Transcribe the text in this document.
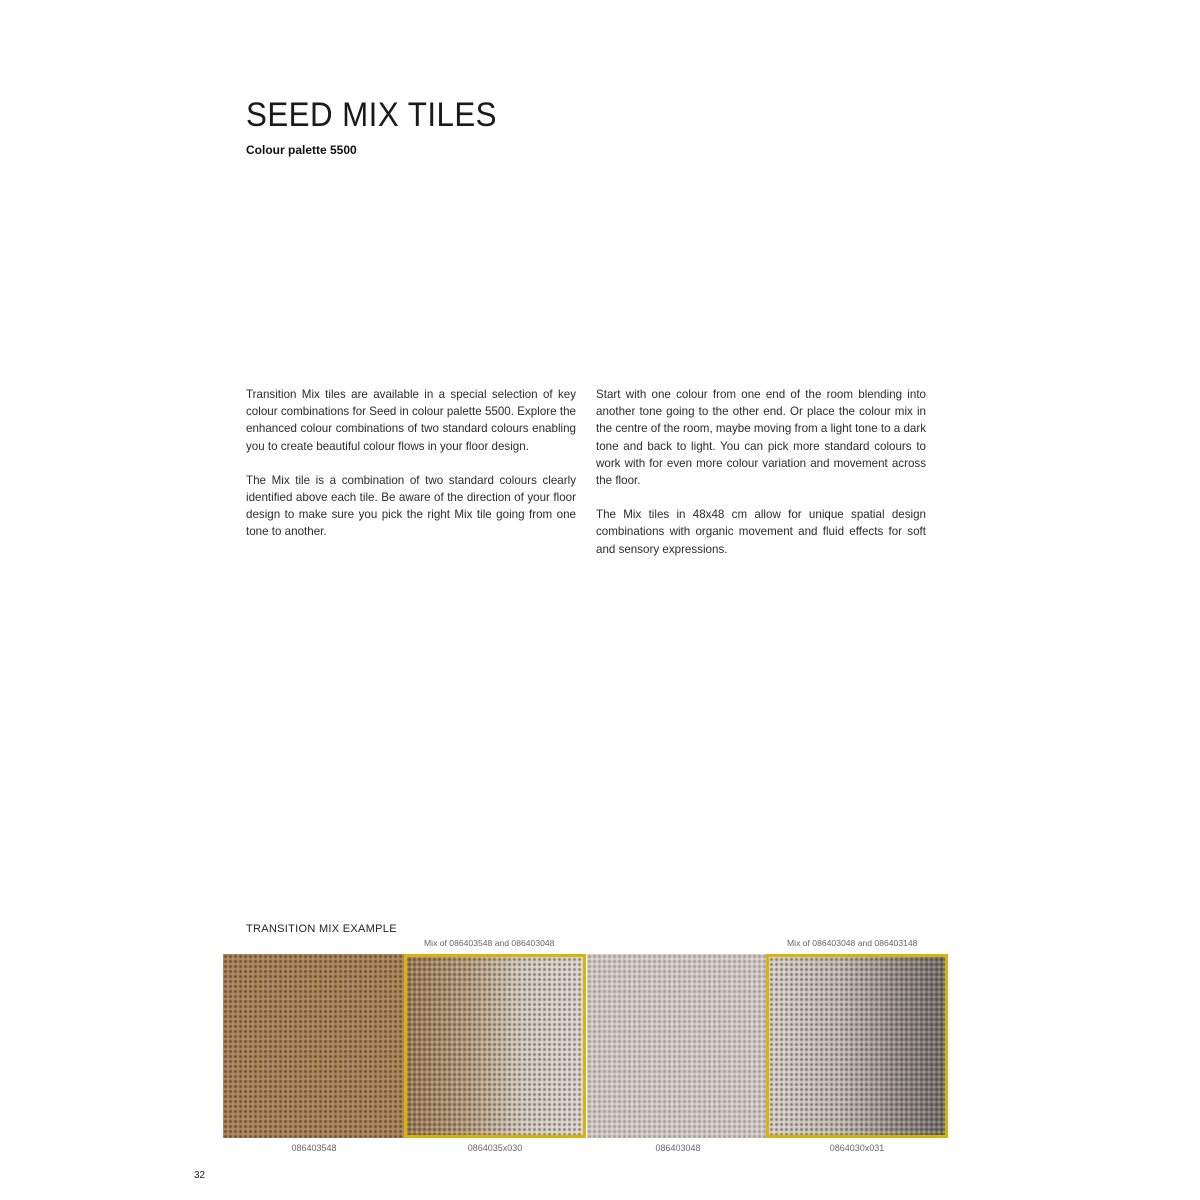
SEED MIX TILES
Colour palette 5500

Transition Mix tiles are available in a special selection of key colour combinations for Seed in colour palette 5500. Explore the enhanced colour combinations of two standard colours enabling you to create beautiful colour flows in your floor design.

The Mix tile is a combination of two standard colours clearly identified above each tile. Be aware of the direction of your floor design to make sure you pick the right Mix tile going from one tone to another.

Start with one colour from one end of the room blending into another tone going to the other end. Or place the colour mix in the centre of the room, maybe moving from a light tone to a dark tone and back to light. You can pick more standard colours to work with for even more colour variation and movement across the floor.

The Mix tiles in 48x48 cm allow for unique spatial design combinations with organic movement and fluid effects for soft and sensory expressions.

TRANSITION MIX EXAMPLE
Mix of 086403548 and 086403048	Mix of 086403048 and 086403148
086403548	0864035x030	086403048	0864030x031
32
